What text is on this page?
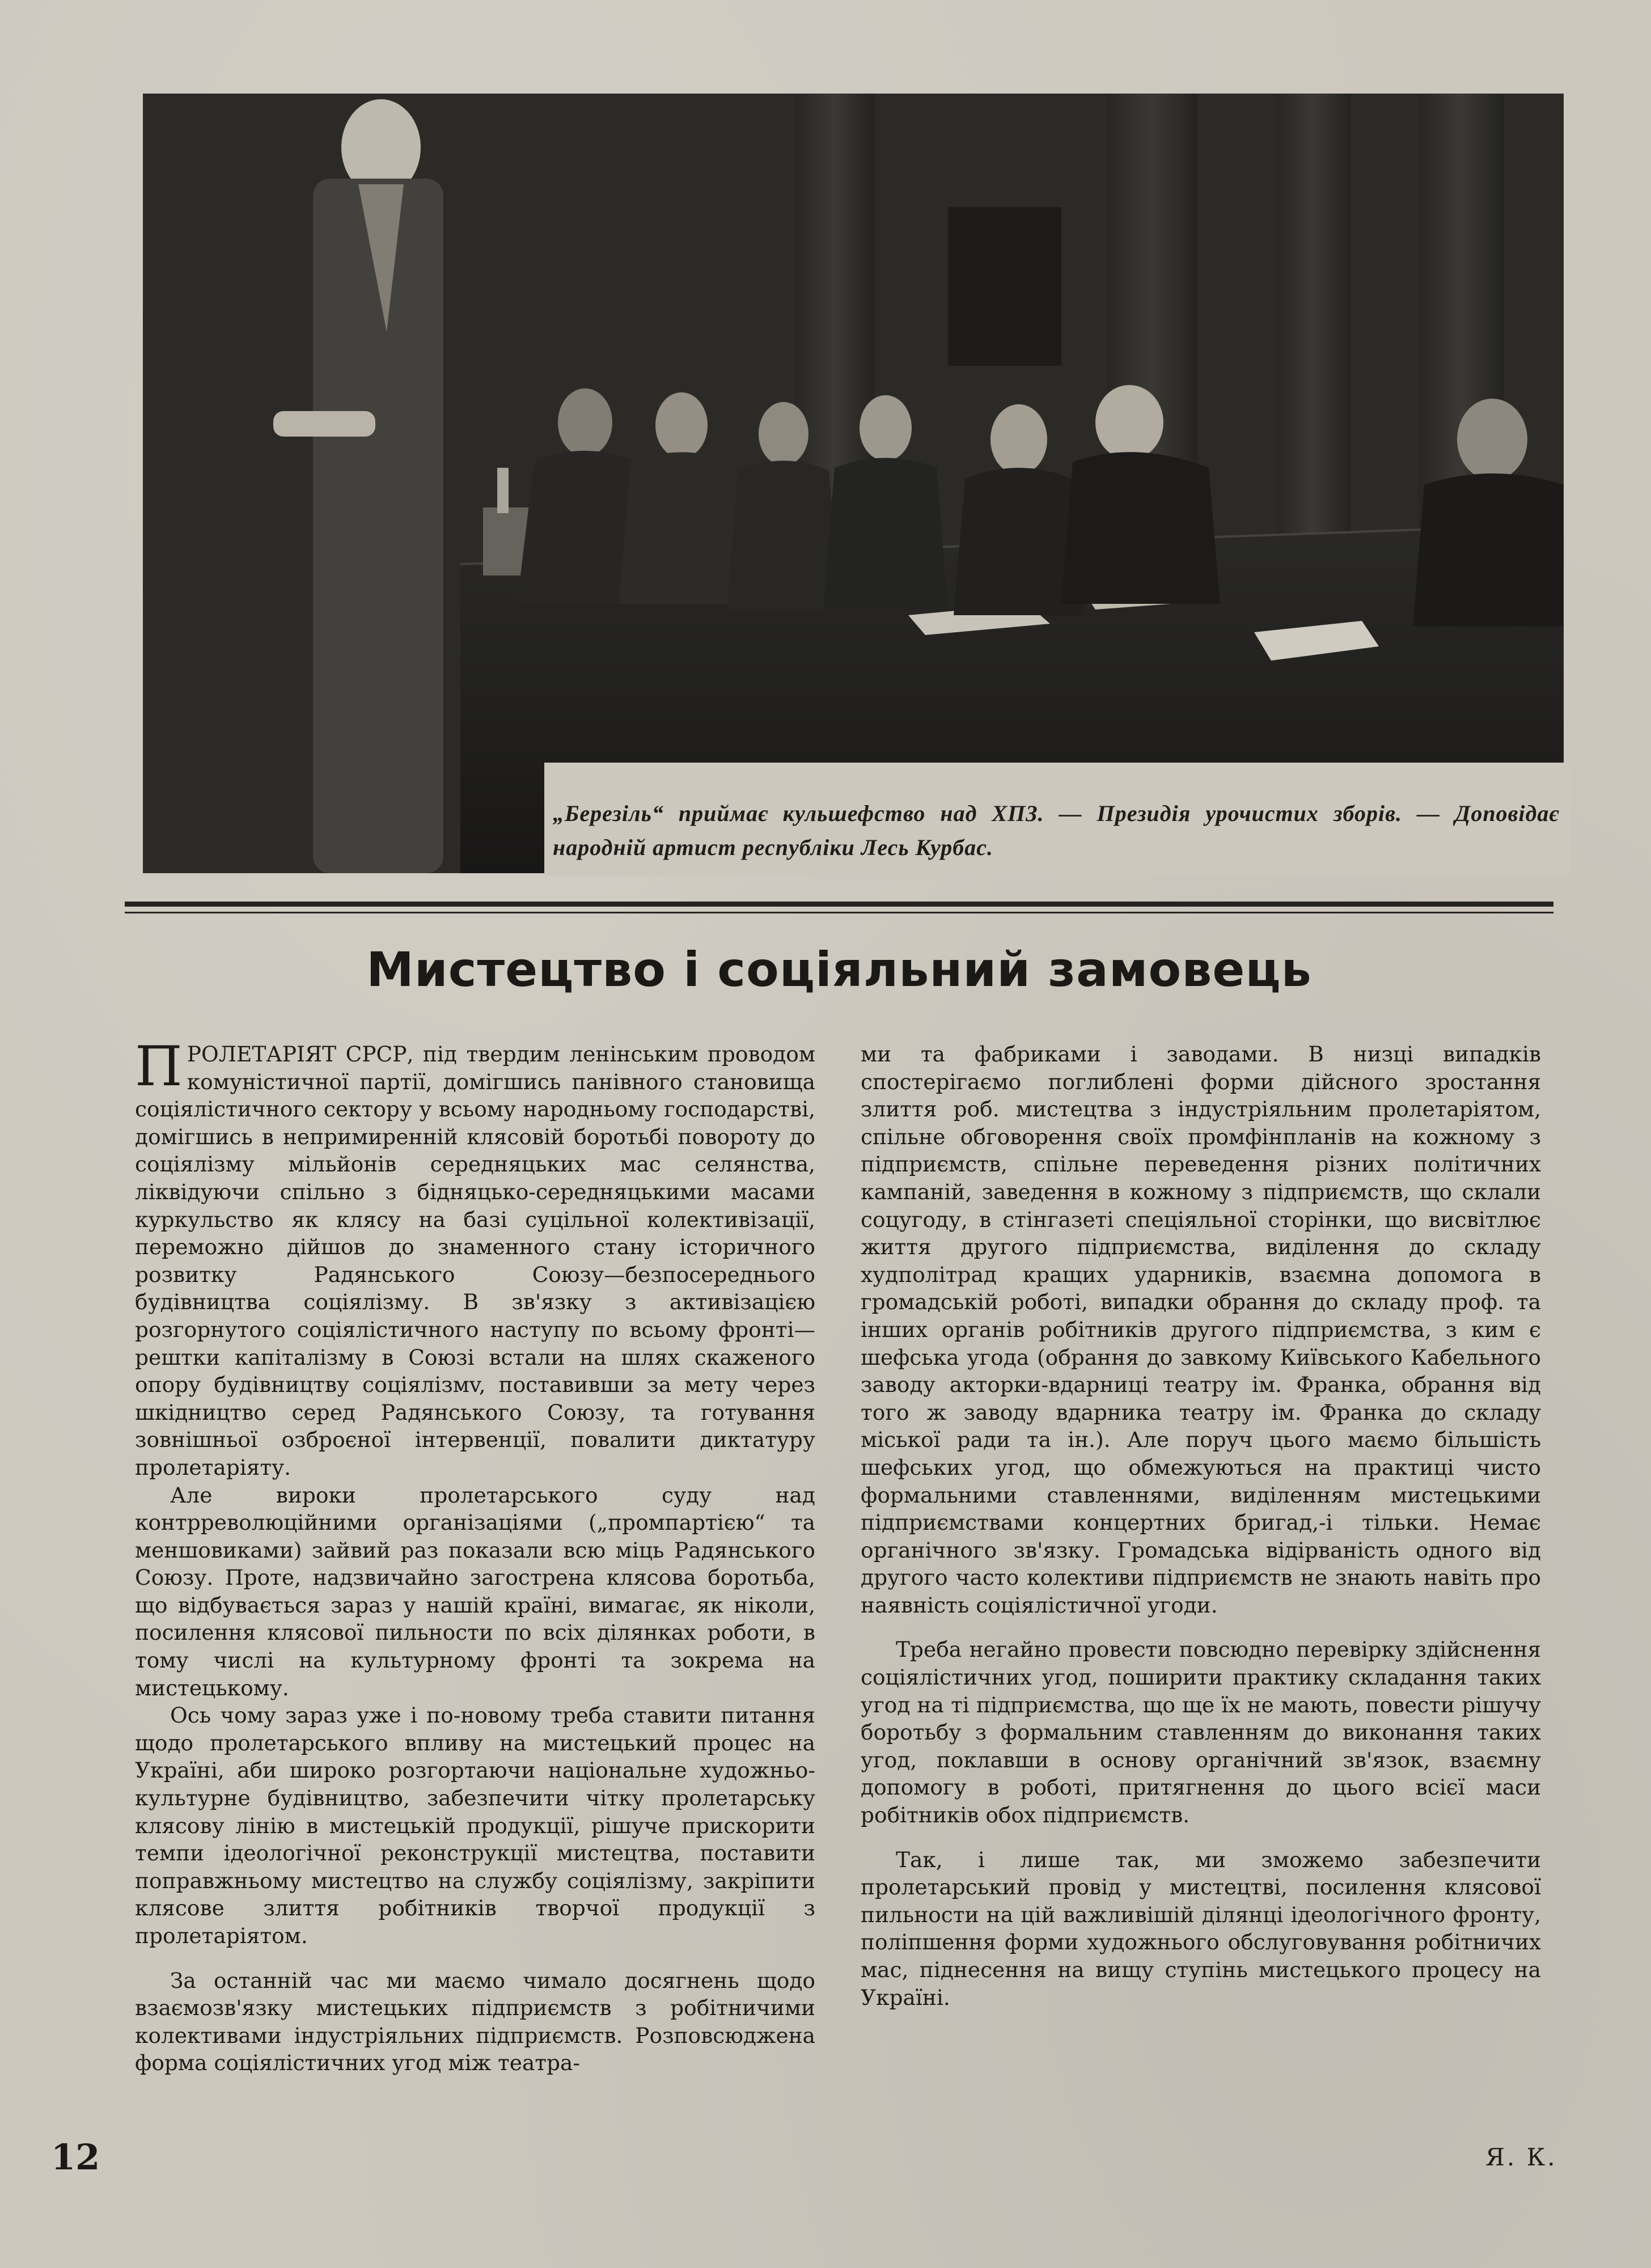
„Березіль“ приймає кульшефство над ХПЗ. — Президія урочистих зборів. — Доповідає народній артист республіки Лесь Курбас.
Мистецтво і соціяльний замовець

ПРОЛЕТАРІЯТ СРСР, під твердим ленінським проводом комуністичної партії, домігшись панівного становища соціялістичного сектору у всьому народньому господарстві, домігшись в непримиренній клясовій боротьбі повороту до соціялізму мільйонів середняцьких мас селянства, ліквідуючи спільно з бідняцько-середняцькими масами куркульство як клясу на базі суцільної колективізації, переможно дійшов до знаменного стану історичного розвитку Радянського Союзу—безпосереднього будівництва соціялізму. В зв'язку з активізацією розгорнутого соціялістичного наступу по всьому фронті—рештки капіталізму в Союзі встали на шлях скаженого опору будівництву соціялізмv, поставивши за мету через шкідництво серед Радянського Союзу, та готування зовнішньої озброєної інтервенції, повалити диктатуру пролетаріяту.

Але вироки пролетарського суду над контрреволюційними організаціями („промпартією“ та меншовиками) зайвий раз показали всю міць Радянського Союзу. Проте, надзвичайно загострена клясова боротьба, що відбувається зараз у нашій країні, вимагає, як ніколи, посилення клясової пильности по всіх ділянках роботи, в тому числі на культурному фронті та зокрема на мистецькому.

Ось чому зараз уже і по-новому треба ставити питання щодо пролетарського впливу на мистецький процес на Україні, аби широко розгортаючи національне художньо-культурне будівництво, забезпечити чітку пролетарську клясову лінію в мистецькій продукції, рішуче прискорити темпи ідеологічної реконструкції мистецтва, поставити поправжньому мистецтво на службу соціялізму, закріпити клясове злиття робітників творчої продукції з пролетаріятом.

За останній час ми маємо чимало досягнень щодо взаємозв'язку мистецьких підприємств з робітничими колективами індустріяльних підприємств. Розповсюджена форма соціялістичних угод між театра-

ми та фабриками і заводами. В низці випадків спостерігаємо поглиблені форми дійсного зростання злиття роб. мистецтва з індустріяльним пролетаріятом, спільне обговорення своїх промфінпланів на кожному з підприємств, спільне переведення різних політичних кампаній, заведення в кожному з підприємств, що склали соцугоду, в стінгазеті спеціяльної сторінки, що висвітлює життя другого підприємства, виділення до складу худполітрад кращих ударників, взаємна допомога в громадській роботі, випадки обрання до складу проф. та інших органів робітників другого підприємства, з ким є шефська угода (обрання до завкому Київського Кабельного заводу акторки-вдарниці театру ім. Франка, обрання від того ж заводу вдарника театру ім. Франка до складу міської ради та ін.). Але поруч цього маємо більшість шефських угод, що обмежуються на практиці чисто формальними ставленнями, виділенням мистецькими підприємствами концертних бригад,-і тільки. Немає органічного зв'язку. Громадська відірваність одного від другого часто колективи підприємств не знають навіть про наявність соціялістичної угоди.

Треба негайно провести повсюдно перевірку здійснення соціялістичних угод, поширити практику складання таких угод на ті підприємства, що ще їх не мають, повести рішучу боротьбу з формальним ставленням до виконання таких угод, поклавши в основу органічний зв'язок, взаємну допомогу в роботі, притягнення до цього всієї маси робітників обох підприємств.

Так, і лише так, ми зможемо забезпечити пролетарський провід у мистецтві, посилення клясової пильности на цій важливішій ділянці ідеологічного фронту, поліпшення форми художнього обслуговування робітничих мас, піднесення на вищу ступінь мистецького процесу на Україні.

12	Я. К.
